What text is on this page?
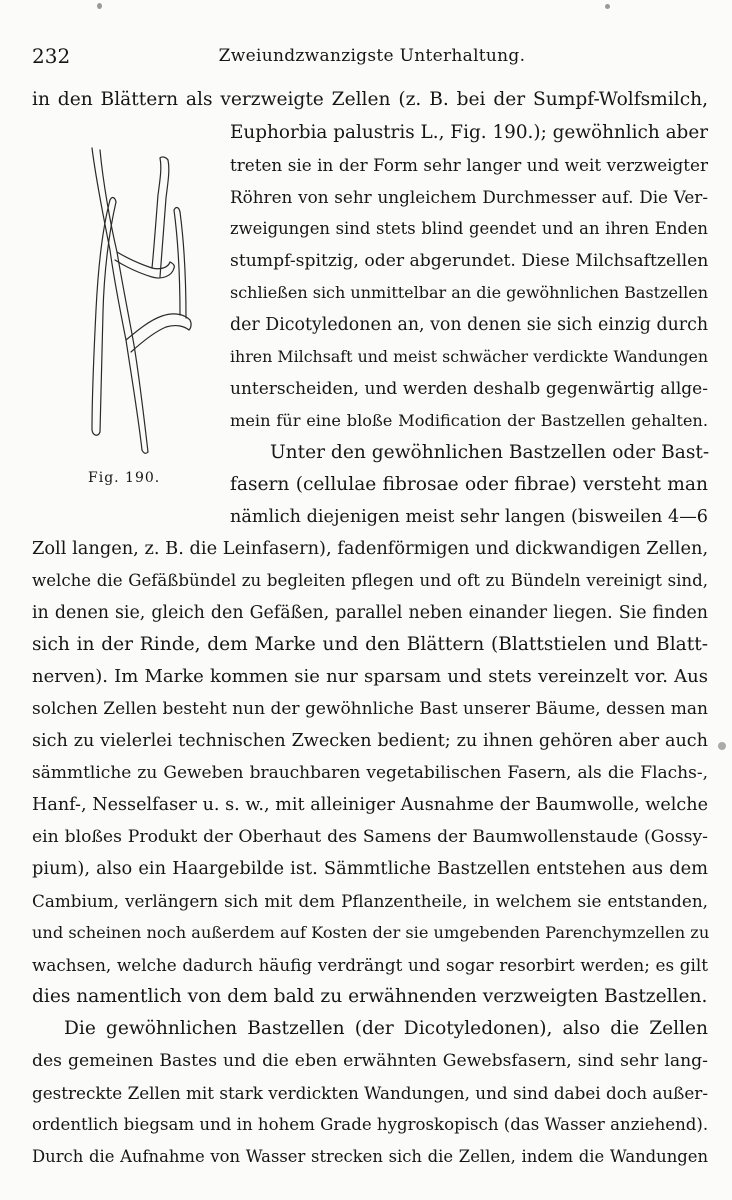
232	Zweiundzwanzigste Unterhaltung.
Fig. 190.
in den Blättern als verzweigte Zellen (z. B. bei der Sumpf-Wolfsmilch,
Euphorbia palustris L., Fig. 190.); gewöhnlich aber
treten sie in der Form sehr langer und weit verzweigter
Röhren von sehr ungleichem Durchmesser auf. Die Ver-
zweigungen sind stets blind geendet und an ihren Enden
stumpf-spitzig, oder abgerundet. Diese Milchsaftzellen
schließen sich unmittelbar an die gewöhnlichen Bastzellen
der Dicotyledonen an, von denen sie sich einzig durch
ihren Milchsaft und meist schwächer verdickte Wandungen
unterscheiden, und werden deshalb gegenwärtig allge-
mein für eine bloße Modification der Bastzellen gehalten.
Unter den gewöhnlichen Bastzellen oder Bast-
fasern (cellulae fibrosae oder fibrae) versteht man
nämlich diejenigen meist sehr langen (bisweilen 4—6
Zoll langen, z. B. die Leinfasern), fadenförmigen und dickwandigen Zellen,
welche die Gefäßbündel zu begleiten pflegen und oft zu Bündeln vereinigt sind,
in denen sie, gleich den Gefäßen, parallel neben einander liegen. Sie finden
sich in der Rinde, dem Marke und den Blättern (Blattstielen und Blatt-
nerven). Im Marke kommen sie nur sparsam und stets vereinzelt vor. Aus
solchen Zellen besteht nun der gewöhnliche Bast unserer Bäume, dessen man
sich zu vielerlei technischen Zwecken bedient; zu ihnen gehören aber auch
sämmtliche zu Geweben brauchbaren vegetabilischen Fasern, als die Flachs-,
Hanf-, Nesselfaser u. s. w., mit alleiniger Ausnahme der Baumwolle, welche
ein bloßes Produkt der Oberhaut des Samens der Baumwollenstaude (Gossy-
pium), also ein Haargebilde ist. Sämmtliche Bastzellen entstehen aus dem
Cambium, verlängern sich mit dem Pflanzentheile, in welchem sie entstanden,
und scheinen noch außerdem auf Kosten der sie umgebenden Parenchymzellen zu
wachsen, welche dadurch häufig verdrängt und sogar resorbirt werden; es gilt
dies namentlich von dem bald zu erwähnenden verzweigten Bastzellen.
Die gewöhnlichen Bastzellen (der Dicotyledonen), also die Zellen
des gemeinen Bastes und die eben erwähnten Gewebsfasern, sind sehr lang-
gestreckte Zellen mit stark verdickten Wandungen, und sind dabei doch außer-
ordentlich biegsam und in hohem Grade hygroskopisch (das Wasser anziehend).
Durch die Aufnahme von Wasser strecken sich die Zellen, indem die Wandungen
